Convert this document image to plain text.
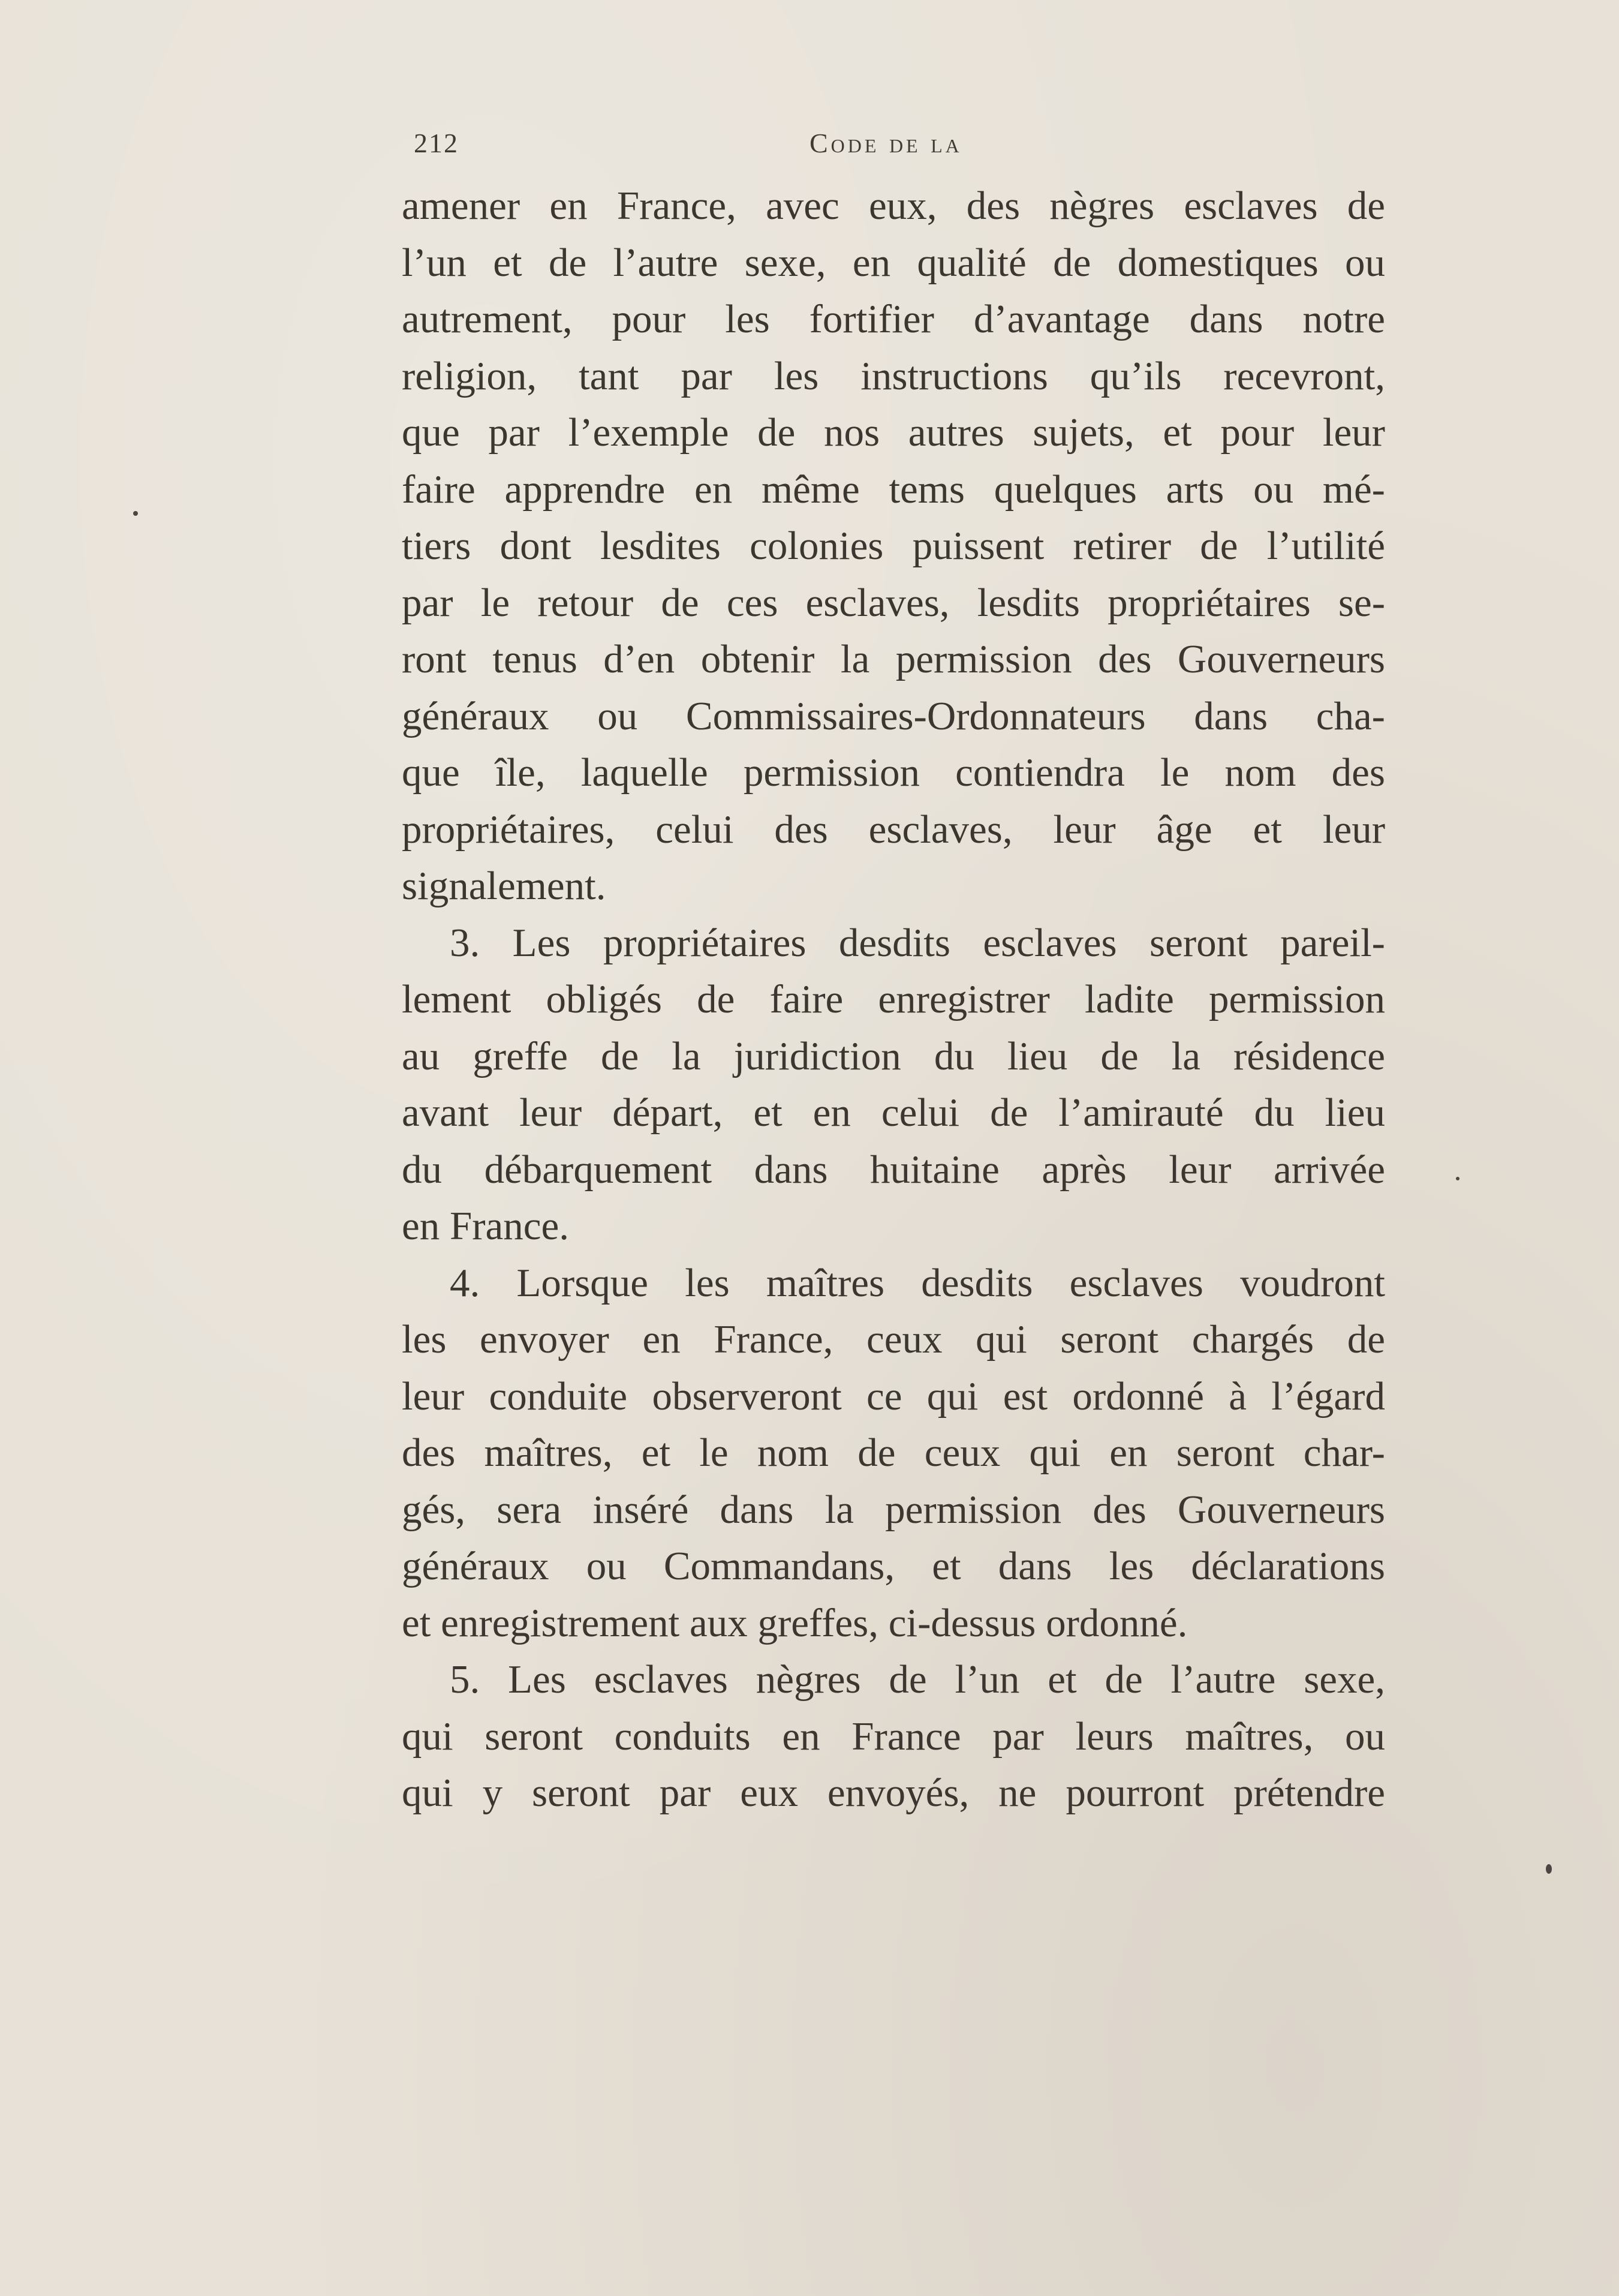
212	Code de la
amener en France, avec eux, des nègres esclaves de
l’un et de l’autre sexe, en qualité de domestiques ou
autrement, pour les fortifier d’avantage dans notre
religion, tant par les instructions qu’ils recevront,
que par l’exemple de nos autres sujets, et pour leur
faire apprendre en même tems quelques arts ou mé-
tiers dont lesdites colonies puissent retirer de l’utilité
par le retour de ces esclaves, lesdits propriétaires se-
ront tenus d’en obtenir la permission des Gouverneurs
généraux ou Commissaires-Ordonnateurs dans cha-
que île, laquelle permission contiendra le nom des
propriétaires, celui des esclaves, leur âge et leur
signalement.
3. Les propriétaires desdits esclaves seront pareil-
lement obligés de faire enregistrer ladite permission
au greffe de la juridiction du lieu de la résidence
avant leur départ, et en celui de l’amirauté du lieu
du débarquement dans huitaine après leur arrivée
en France.
4. Lorsque les maîtres desdits esclaves voudront
les envoyer en France, ceux qui seront chargés de
leur conduite observeront ce qui est ordonné à l’égard
des maîtres, et le nom de ceux qui en seront char-
gés, sera inséré dans la permission des Gouverneurs
généraux ou Commandans, et dans les déclarations
et enregistrement aux greffes, ci-dessus ordonné.
5. Les esclaves nègres de l’un et de l’autre sexe,
qui seront conduits en France par leurs maîtres, ou
qui y seront par eux envoyés, ne pourront prétendre
